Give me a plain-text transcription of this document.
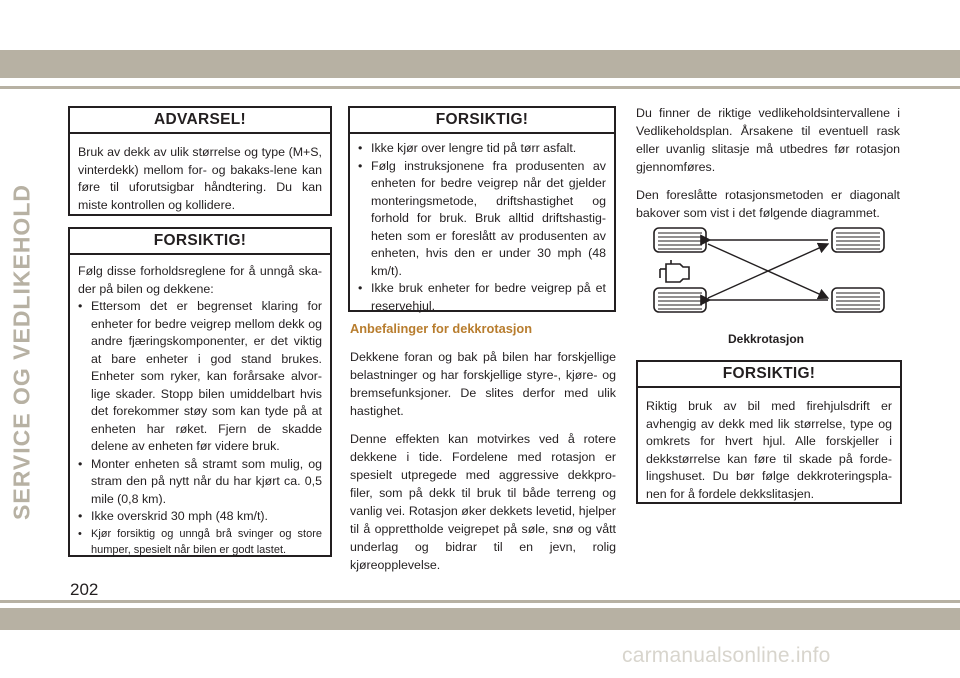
SERVICE OG VEDLIKEHOLD
ADVARSEL!

Bruk av dekk av ulik størrelse og type (M+S, vinterdekk) mellom for- og bakaks-lene kan føre til uforutsigbar håndtering. Du kan miste kontrollen og kollidere.

FORSIKTIG!

Følg disse forholdsreglene for å unngå ska-der på bilen og dekkene:

• Ettersom det er begrenset klaring for enheter for bedre veigrep mellom dekk og andre fjæringskomponenter, er det viktig at bare enheter i god stand brukes. Enheter som ryker, kan forårsake alvor-lige skader. Stopp bilen umiddelbart hvis det forekommer støy som kan tyde på at enheten har røket. Fjern de skadde delene av enheten før videre bruk.
• Monter enheten så stramt som mulig, og stram den på nytt når du har kjørt ca. 0,5 mile (0,8 km).
• Ikke overskrid 30 mph (48 km/t).
• Kjør forsiktig og unngå brå svinger og store humper, spesielt når bilen er godt lastet.
FORSIKTIG!
• Ikke kjør over lengre tid på tørr asfalt.
• Følg instruksjonene fra produsenten av enheten for bedre veigrep når det gjelder monteringsmetode, driftshastighet og forhold for bruk. Bruk alltid driftshastig-heten som er foreslått av produsenten av enheten, hvis den er under 30 mph (48 km/t).
• Ikke bruk enheter for bedre veigrep på et reservehjul.
Anbefalinger for dekkrotasjon

Dekkene foran og bak på bilen har forskjellige belastninger og har forskjellige styre-, kjøre- og bremsefunksjoner. De slites derfor med ulik hastighet.

Denne effekten kan motvirkes ved å rotere dekkene i tide. Fordelene med rotasjon er spesielt utpregede med aggressive dekkpro-filer, som på dekk til bruk til både terreng og vanlig vei. Rotasjon øker dekkets levetid, hjelper til å opprettholde veigrepet på søle, snø og vått underlag og bidrar til en jevn, rolig kjøreopplevelse.

Du finner de riktige vedlikeholdsintervallene i Vedlikeholdsplan. Årsakene til eventuell rask eller uvanlig slitasje må utbedres før rotasjon gjennomføres.

Den foreslåtte rotasjonsmetoden er diagonalt bakover som vist i det følgende diagrammet.

Dekkrotasjon
FORSIKTIG!

Riktig bruk av bil med firehjulsdrift er avhengig av dekk med lik størrelse, type og omkrets for hvert hjul. Alle forskjeller i dekkstørrelse kan føre til skade på forde-lingshuset. Du bør følge dekkroteringspla-nen for å fordele dekkslitasjen.

202
carmanualsonline.info
